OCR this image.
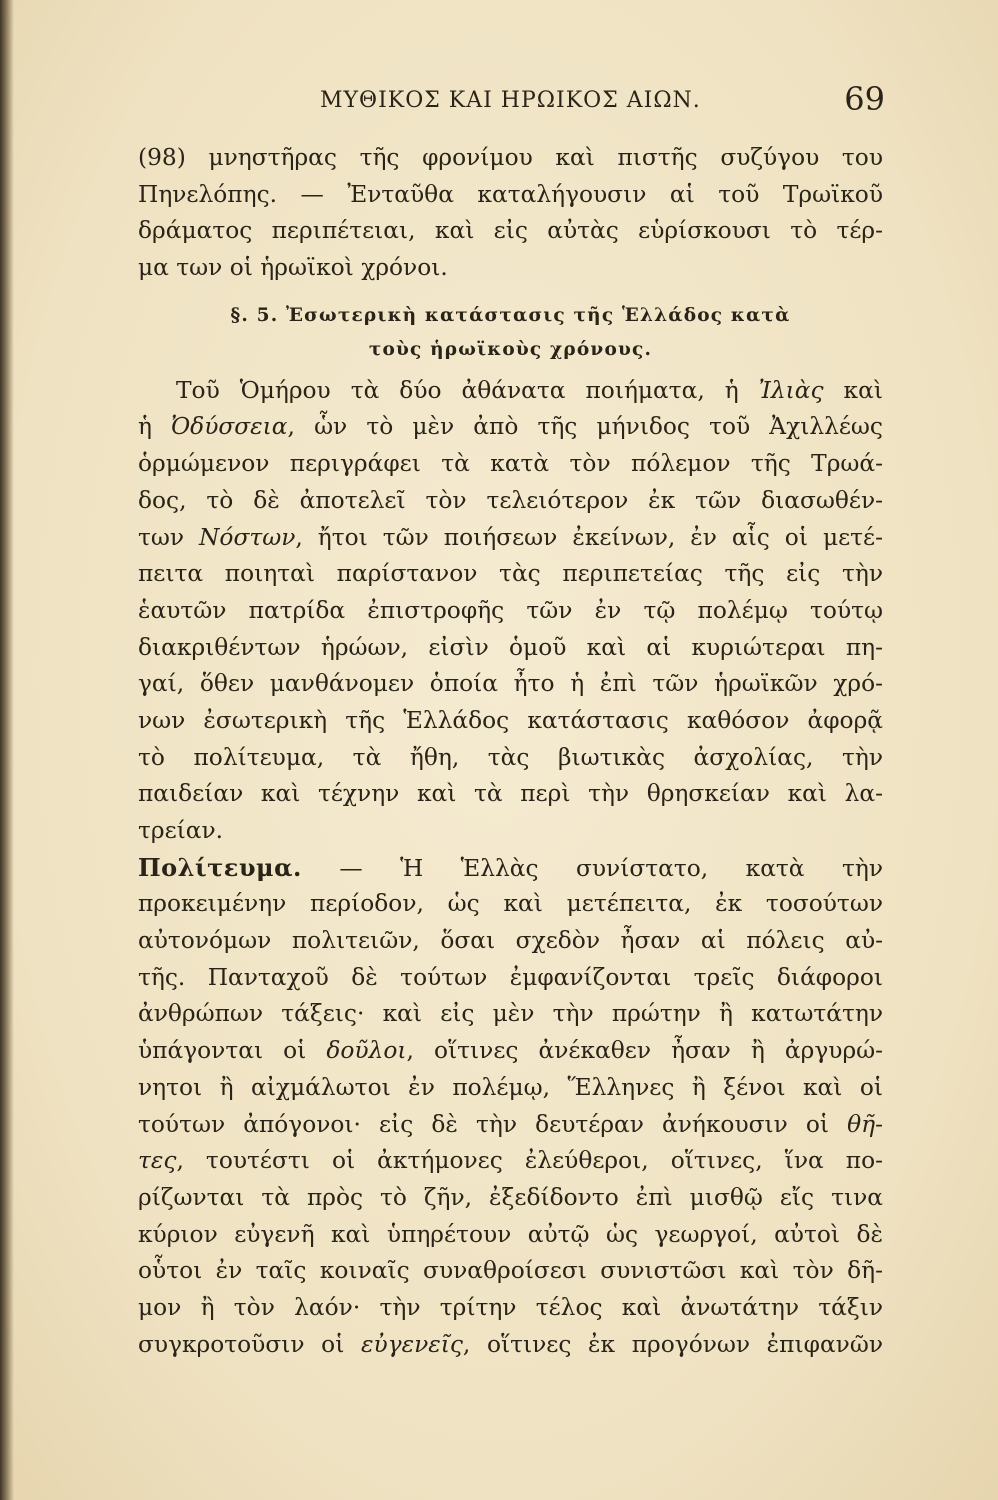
ΜΥΘΙΚΟΣ ΚΑΙ ΗΡΩΙΚΟΣ ΑΙΩΝ.	69
(98) μνηστῆρας τῆς φρονίμου καὶ πιστῆς συζύγου του
Πηνελόπης. — Ἐνταῦθα καταλήγουσιν αἱ τοῦ Τρωϊκοῦ
δράματος περιπέτειαι, καὶ εἰς αὐτὰς εὑρίσκουσι τὸ τέρ-
μα των οἱ ἡρωϊκοὶ χρόνοι.
§. 5. Ἐσωτερικὴ κατάστασις τῆς Ἑλλάδος κατὰ
τοὺς ἡρωϊκοὺς χρόνους.
Τοῦ Ὁμήρου τὰ δύο ἀθάνατα ποιήματα, ἡ Ἰλιὰς καὶ
ἡ Ὀδύσσεια, ὧν τὸ μὲν ἀπὸ τῆς μήνιδος τοῦ Ἀχιλλέως
ὁρμώμενον περιγράφει τὰ κατὰ τὸν πόλεμον τῆς Τρωά-
δος, τὸ δὲ ἀποτελεῖ τὸν τελειότερον ἐκ τῶν διασωθέν-
των Νόστων, ἤτοι τῶν ποιήσεων ἐκείνων, ἐν αἷς οἱ μετέ-
πειτα ποιηταὶ παρίστανον τὰς περιπετείας τῆς εἰς τὴν
ἑαυτῶν πατρίδα ἐπιστροφῆς τῶν ἐν τῷ πολέμῳ τούτῳ
διακριθέντων ἡρώων, εἰσὶν ὁμοῦ καὶ αἱ κυριώτεραι πη-
γαί, ὅθεν μανθάνομεν ὁποία ἦτο ἡ ἐπὶ τῶν ἡρωϊκῶν χρό-
νων ἐσωτερικὴ τῆς Ἑλλάδος κατάστασις καθόσον ἀφορᾷ
τὸ πολίτευμα, τὰ ἤθη, τὰς βιωτικὰς ἀσχολίας, τὴν
παιδείαν καὶ τέχνην καὶ τὰ περὶ τὴν θρησκείαν καὶ λα-
τρείαν.
Πολίτευμα. — Ἡ Ἑλλὰς συνίστατο, κατὰ τὴν
προκειμένην περίοδον, ὡς καὶ μετέπειτα, ἐκ τοσούτων
αὐτονόμων πολιτειῶν, ὅσαι σχεδὸν ἦσαν αἱ πόλεις αὐ-
τῆς. Πανταχοῦ δὲ τούτων ἐμφανίζονται τρεῖς διάφοροι
ἀνθρώπων τάξεις· καὶ εἰς μὲν τὴν πρώτην ἢ κατωτάτην
ὑπάγονται οἱ δοῦλοι, οἵτινες ἀνέκαθεν ἦσαν ἢ ἀργυρώ-
νητοι ἢ αἰχμάλωτοι ἐν πολέμῳ, Ἕλληνες ἢ ξένοι καὶ οἱ
τούτων ἀπόγονοι· εἰς δὲ τὴν δευτέραν ἀνήκουσιν οἱ θῆ-
τες, τουτέστι οἱ ἀκτήμονες ἐλεύθεροι, οἵτινες, ἵνα πο-
ρίζωνται τὰ πρὸς τὸ ζῆν, ἐξεδίδοντο ἐπὶ μισθῷ εἴς τινα
κύριον εὐγενῆ καὶ ὑπηρέτουν αὐτῷ ὡς γεωργοί, αὐτοὶ δὲ
οὗτοι ἐν ταῖς κοιναῖς συναθροίσεσι συνιστῶσι καὶ τὸν δῆ-
μον ἢ τὸν λαόν· τὴν τρίτην τέλος καὶ ἀνωτάτην τάξιν
συγκροτοῦσιν οἱ εὐγενεῖς, οἵτινες ἐκ προγόνων ἐπιφανῶν
